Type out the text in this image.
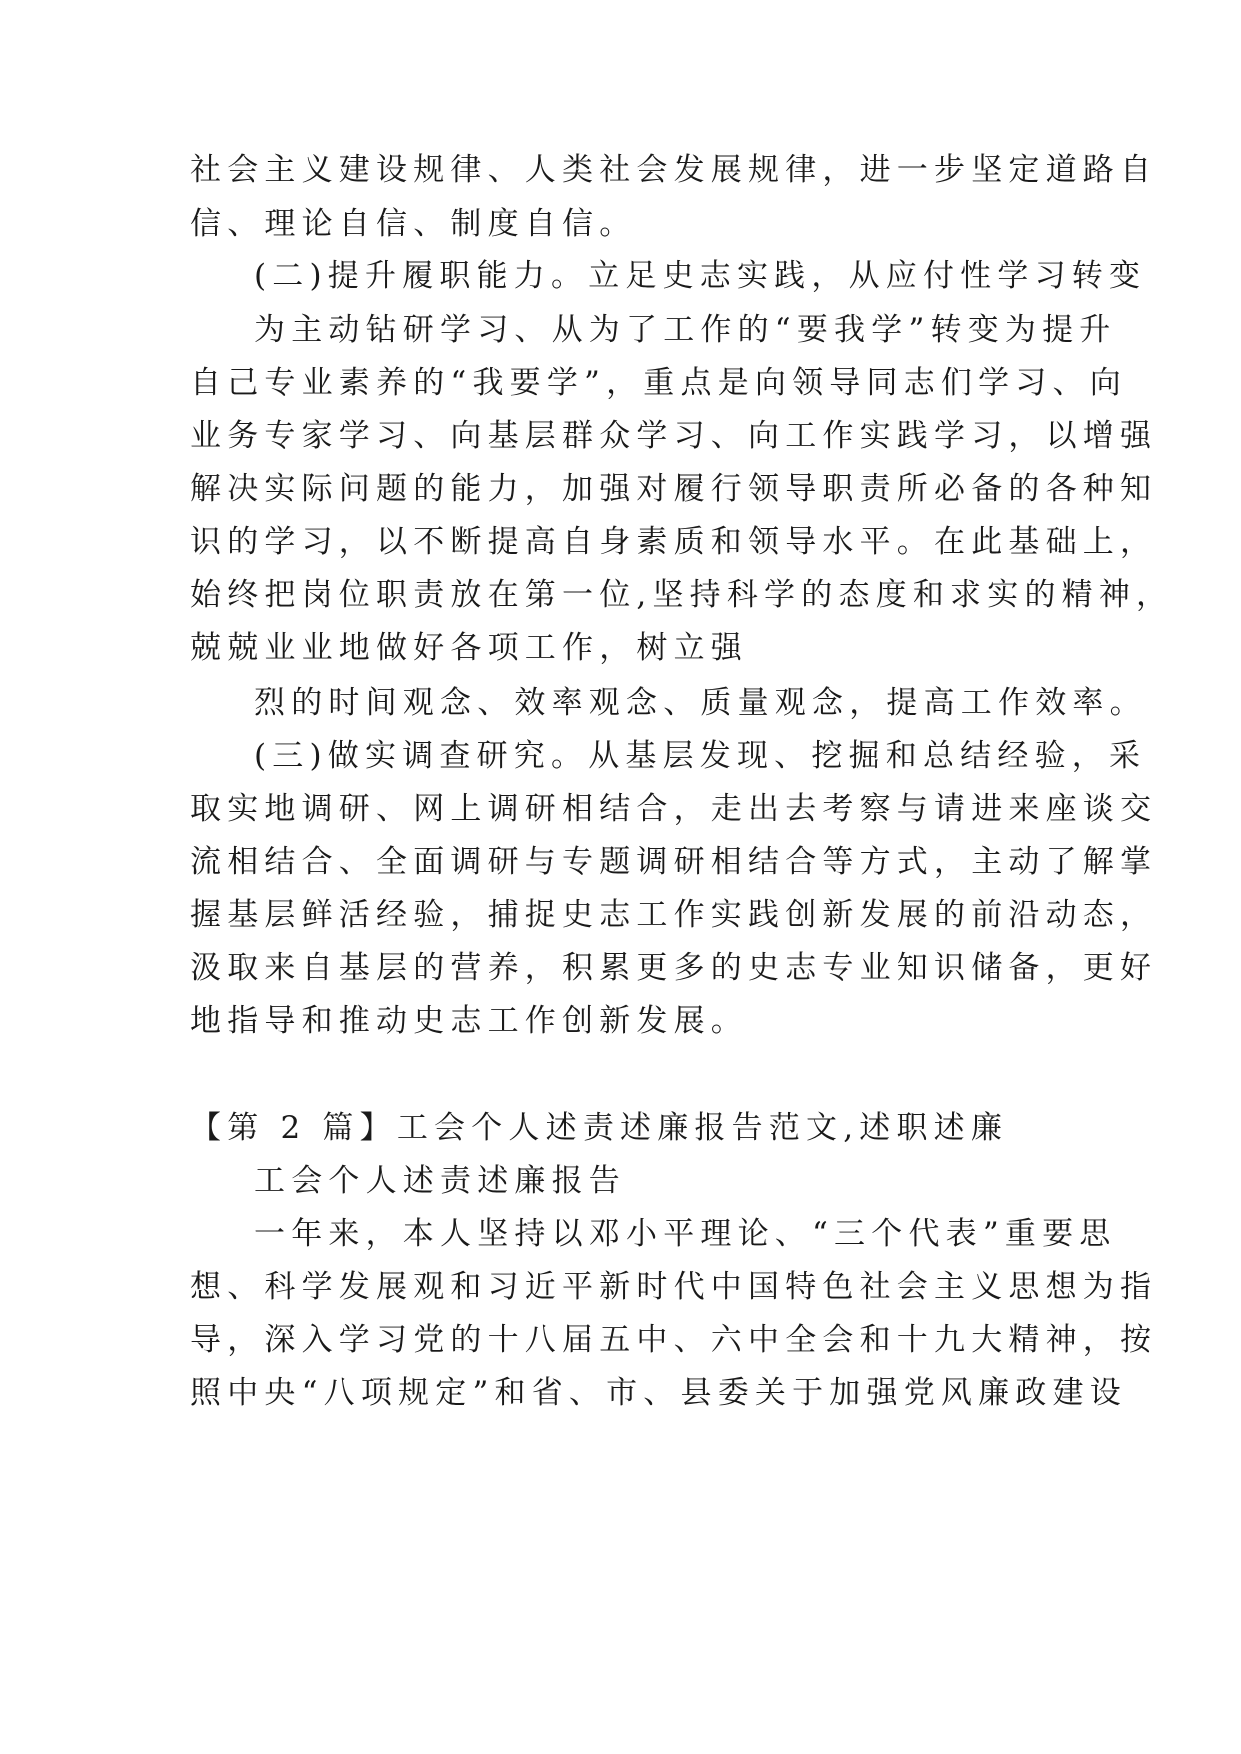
社会主义建设规律、人类社会发展规律，进一步坚定道路自
信、理论自信、制度自信。
(二)提升履职能力。立足史志实践，从应付性学习转变
为主动钻研学习、从为了工作的“要我学”转变为提升
自己专业素养的“我要学”，重点是向领导同志们学习、向
业务专家学习、向基层群众学习、向工作实践学习，以增强
解决实际问题的能力，加强对履行领导职责所必备的各种知
识的学习，以不断提高自身素质和领导水平。在此基础上，
始终把岗位职责放在第一位,坚持科学的态度和求实的精神，
兢兢业业地做好各项工作，树立强
烈的时间观念、效率观念、质量观念，提高工作效率。
(三)做实调查研究。从基层发现、挖掘和总结经验，采
取实地调研、网上调研相结合，走出去考察与请进来座谈交
流相结合、全面调研与专题调研相结合等方式，主动了解掌
握基层鲜活经验，捕捉史志工作实践创新发展的前沿动态，
汲取来自基层的营养，积累更多的史志专业知识储备，更好
地指导和推动史志工作创新发展。
【第 2 篇】工会个人述责述廉报告范文,述职述廉
工会个人述责述廉报告
一年来，本人坚持以邓小平理论、“三个代表”重要思
想、科学发展观和习近平新时代中国特色社会主义思想为指
导，深入学习党的十八届五中、六中全会和十九大精神，按
照中央“八项规定”和省、市、县委关于加强党风廉政建设
